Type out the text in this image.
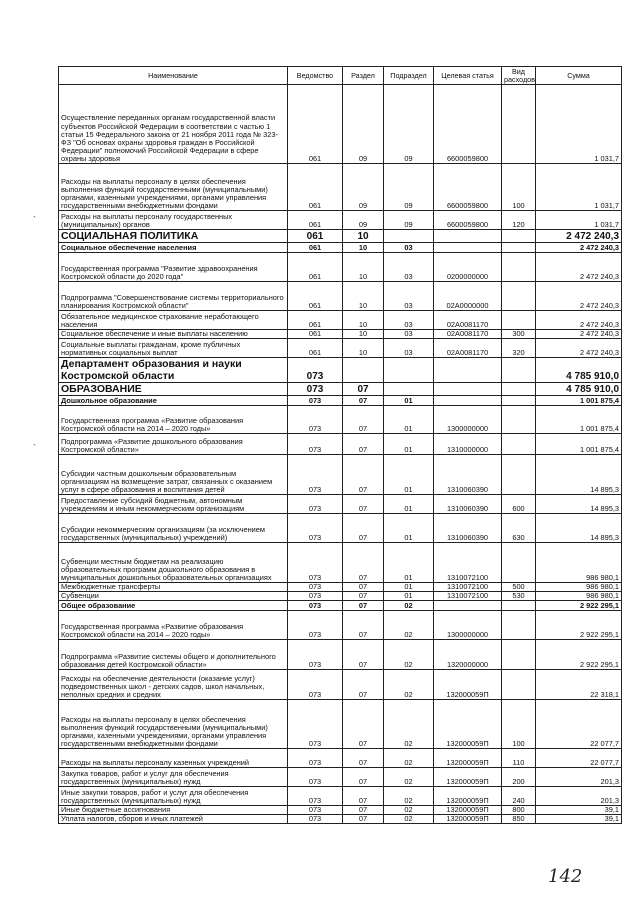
Наименование	Ведомство	Раздел	Подраздел	Целевая статья	Вид расходов	Сумма
Осуществление переданных органам государственной власти субъектов Российской Федерации в соответствии с частью 1 статьи 15 Федерального закона от 21 ноября 2011 года № 323-ФЗ "Об основах охраны здоровья граждан в Российской Федерации" полномочий Российской Федерации в сфере охраны здоровья	061	09	09	6600059800		1 031,7
Расходы на выплаты персоналу в целях обеспечения выполнения функций государственными (муниципальными) органами, казенными учреждениями, органами управления государственными внебюджетными фондами	061	09	09	6600059800	100	1 031,7
Расходы на выплаты персоналу государственных (муниципальных) органов	061	09	09	6600059800	120	1 031,7
СОЦИАЛЬНАЯ ПОЛИТИКА	061	10				2 472 240,3
Социальное обеспечение населения	061	10	03			2 472 240,3
Государственная программа "Развитие здравоохранения Костромской области до 2020 года"	061	10	03	0200000000		2 472 240,3
Подпрограмма "Совершенствование системы территориального планирования Костромской области"	061	10	03	02А0000000		2 472 240,3
Обязательное медицинское страхование неработающего населения	061	10	03	02А0081170		2 472 240,3
Социальное обеспечение и иные выплаты населению	061	10	03	02А0081170	300	2 472 240,3
Социальные выплаты гражданам, кроме публичных нормативных социальных выплат	061	10	03	02А0081170	320	2 472 240,3
Департамент образования и науки Костромской области	073					4 785 910,0
ОБРАЗОВАНИЕ	073	07				4 785 910,0
Дошкольное образование	073	07	01			1 001 875,4
Государственная программа «Развитие образования Костромской области на 2014 – 2020 годы»	073	07	01	1300000000		1 001 875,4
Подпрограмма «Развитие дошкольного образования Костромской области»	073	07	01	1310000000		1 001 875,4
Субсидии частным дошкольным образовательным организациям на возмещение затрат, связанных с оказанием услуг в сфере образования и воспитания детей	073	07	01	1310060390		14 895,3
Предоставление субсидий бюджетным, автономным учреждениям и иным некоммерческим организациям	073	07	01	1310060390	600	14 895,3
Субсидии некоммерческим организациям (за исключением государственных (муниципальных) учреждений)	073	07	01	1310060390	630	14 895,3
Субвенции местным бюджетам на реализацию образовательных программ дошкольного образования в муниципальных дошкольных образовательных организациях	073	07	01	1310072100		986 980,1
Межбюджетные трансферты	073	07	01	1310072100	500	986 980,1
Субвенции	073	07	01	1310072100	530	986 980,1
Общее образование	073	07	02			2 922 295,1
Государственная программа «Развитие образования Костромской области на 2014 – 2020 годы»	073	07	02	1300000000		2 922 295,1
Подпрограмма «Развитие системы общего и дополнительного образования детей Костромской области»	073	07	02	1320000000		2 922 295,1
Расходы на обеспечение деятельности (оказание услуг) подведомственных школ - детских садов, школ начальных, неполных средних и средних	073	07	02	132000059П		22 318,1
Расходы на выплаты персоналу в целях обеспечения выполнения функций государственными (муниципальными) органами, казенными учреждениями, органами управления государственными внебюджетными фондами	073	07	02	132000059П	100	22 077,7
Расходы на выплаты персоналу казенных учреждений	073	07	02	132000059П	110	22 077,7
Закупка товаров, работ и услуг для обеспечения государственных (муниципальных) нужд	073	07	02	132000059П	200	201,3
Иные закупки товаров, работ и услуг для обеспечения государственных (муниципальных) нужд	073	07	02	132000059П	240	201,3
Иные бюджетные ассигнования	073	07	02	132000059П	800	39,1
Уплата налогов, сборов и иных платежей	073	07	02	132000059П	850	39,1
`
`
142
